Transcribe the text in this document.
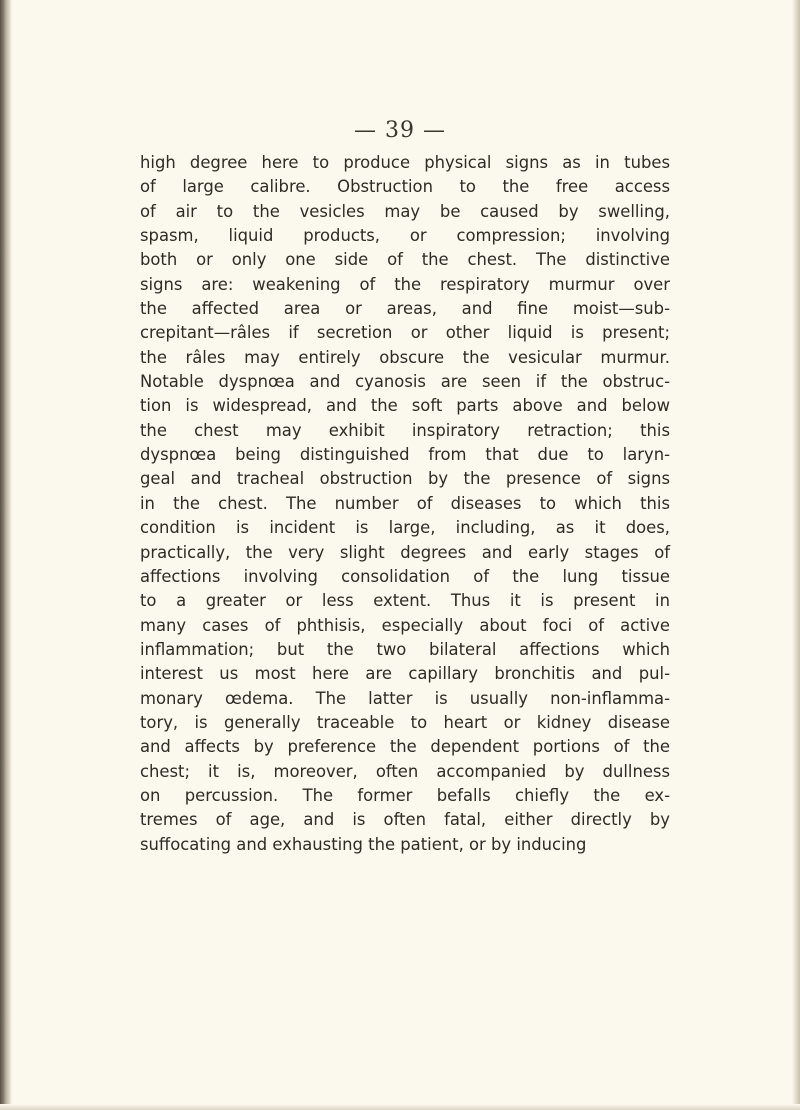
— 39 —
high degree here to produce physical signs as in tubes
of large calibre. Obstruction to the free access
of air to the vesicles may be caused by swelling,
spasm, liquid products, or compression; involving
both or only one side of the chest. The distinctive
signs are: weakening of the respiratory murmur over
the affected area or areas, and fine moist—sub-
crepitant—râles if secretion or other liquid is present;
the râles may entirely obscure the vesicular murmur.
Notable dyspnœa and cyanosis are seen if the obstruc-
tion is widespread, and the soft parts above and below
the chest may exhibit inspiratory retraction; this
dyspnœa being distinguished from that due to laryn-
geal and tracheal obstruction by the presence of signs
in the chest. The number of diseases to which this
condition is incident is large, including, as it does,
practically, the very slight degrees and early stages of
affections involving consolidation of the lung tissue
to a greater or less extent. Thus it is present in
many cases of phthisis, especially about foci of active
inflammation; but the two bilateral affections which
interest us most here are capillary bronchitis and pul-
monary œdema. The latter is usually non-inflamma-
tory, is generally traceable to heart or kidney disease
and affects by preference the dependent portions of the
chest; it is, moreover, often accompanied by dullness
on percussion. The former befalls chiefly the ex-
tremes of age, and is often fatal, either directly by
suffocating and exhausting the patient, or by inducing
